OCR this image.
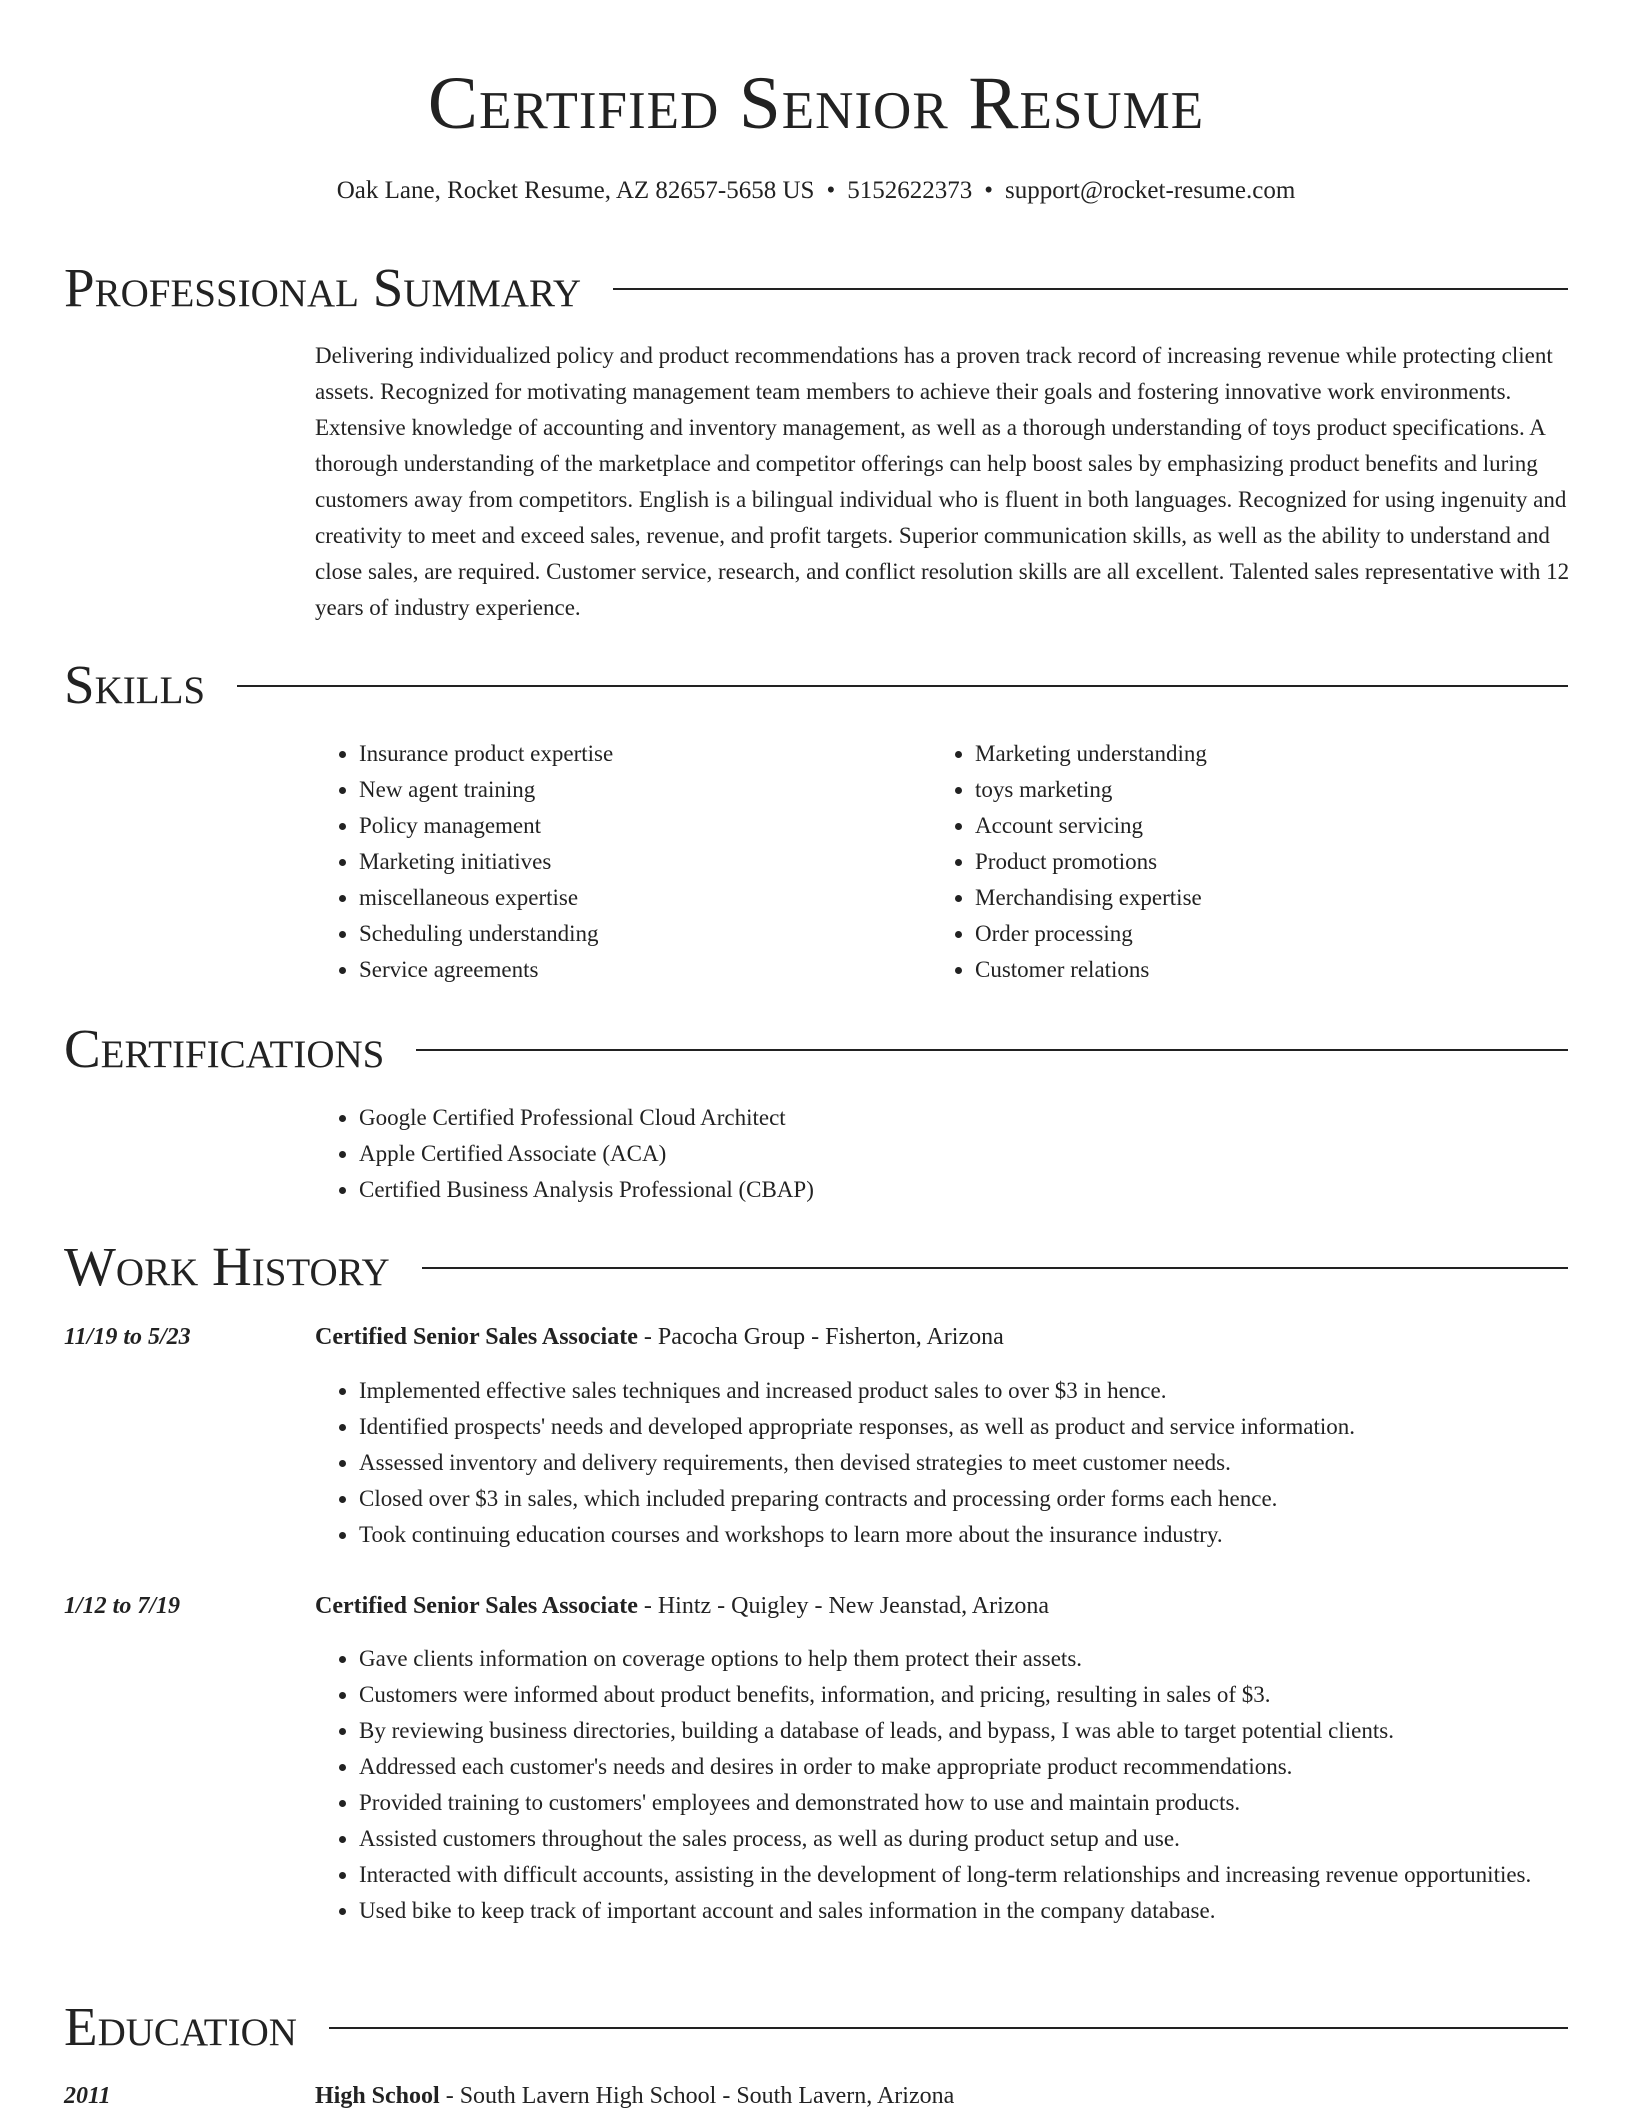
Certified Senior Resume
Oak Lane, Rocket Resume, AZ 82657-5658 US • 5152622373 • support@rocket-resume.com
Professional Summary

Delivering individualized policy and product recommendations has a proven track record of increasing revenue while protecting client assets. Recognized for motivating management team members to achieve their goals and fostering innovative work environments. Extensive knowledge of accounting and inventory management, as well as a thorough understanding of toys product specifications. A thorough understanding of the marketplace and competitor offerings can help boost sales by emphasizing product benefits and luring customers away from competitors. English is a bilingual individual who is fluent in both languages. Recognized for using ingenuity and creativity to meet and exceed sales, revenue, and profit targets. Superior communication skills, as well as the ability to understand and close sales, are required. Customer service, research, and conflict resolution skills are all excellent. Talented sales representative with 12 years of industry experience.

Skills
• Insurance product expertise
• New agent training
• Policy management
• Marketing initiatives
• miscellaneous expertise
• Scheduling understanding
• Service agreements
• Marketing understanding
• toys marketing
• Account servicing
• Product promotions
• Merchandising expertise
• Order processing
• Customer relations
Certifications
• Google Certified Professional Cloud Architect
• Apple Certified Associate (ACA)
• Certified Business Analysis Professional (CBAP)
Work History
11/19 to 5/23	Certified Senior Sales Associate - Pacocha Group - Fisherton, Arizona
• Implemented effective sales techniques and increased product sales to over $3 in hence.
• Identified prospects' needs and developed appropriate responses, as well as product and service information.
• Assessed inventory and delivery requirements, then devised strategies to meet customer needs.
• Closed over $3 in sales, which included preparing contracts and processing order forms each hence.
• Took continuing education courses and workshops to learn more about the insurance industry.
1/12 to 7/19	Certified Senior Sales Associate - Hintz - Quigley - New Jeanstad, Arizona
• Gave clients information on coverage options to help them protect their assets.
• Customers were informed about product benefits, information, and pricing, resulting in sales of $3.
• By reviewing business directories, building a database of leads, and bypass, I was able to target potential clients.
• Addressed each customer's needs and desires in order to make appropriate product recommendations.
• Provided training to customers' employees and demonstrated how to use and maintain products.
• Assisted customers throughout the sales process, as well as during product setup and use.
• Interacted with difficult accounts, assisting in the development of long-term relationships and increasing revenue opportunities.
• Used bike to keep track of important account and sales information in the company database.
Education
2011	High School - South Lavern High School - South Lavern, Arizona
